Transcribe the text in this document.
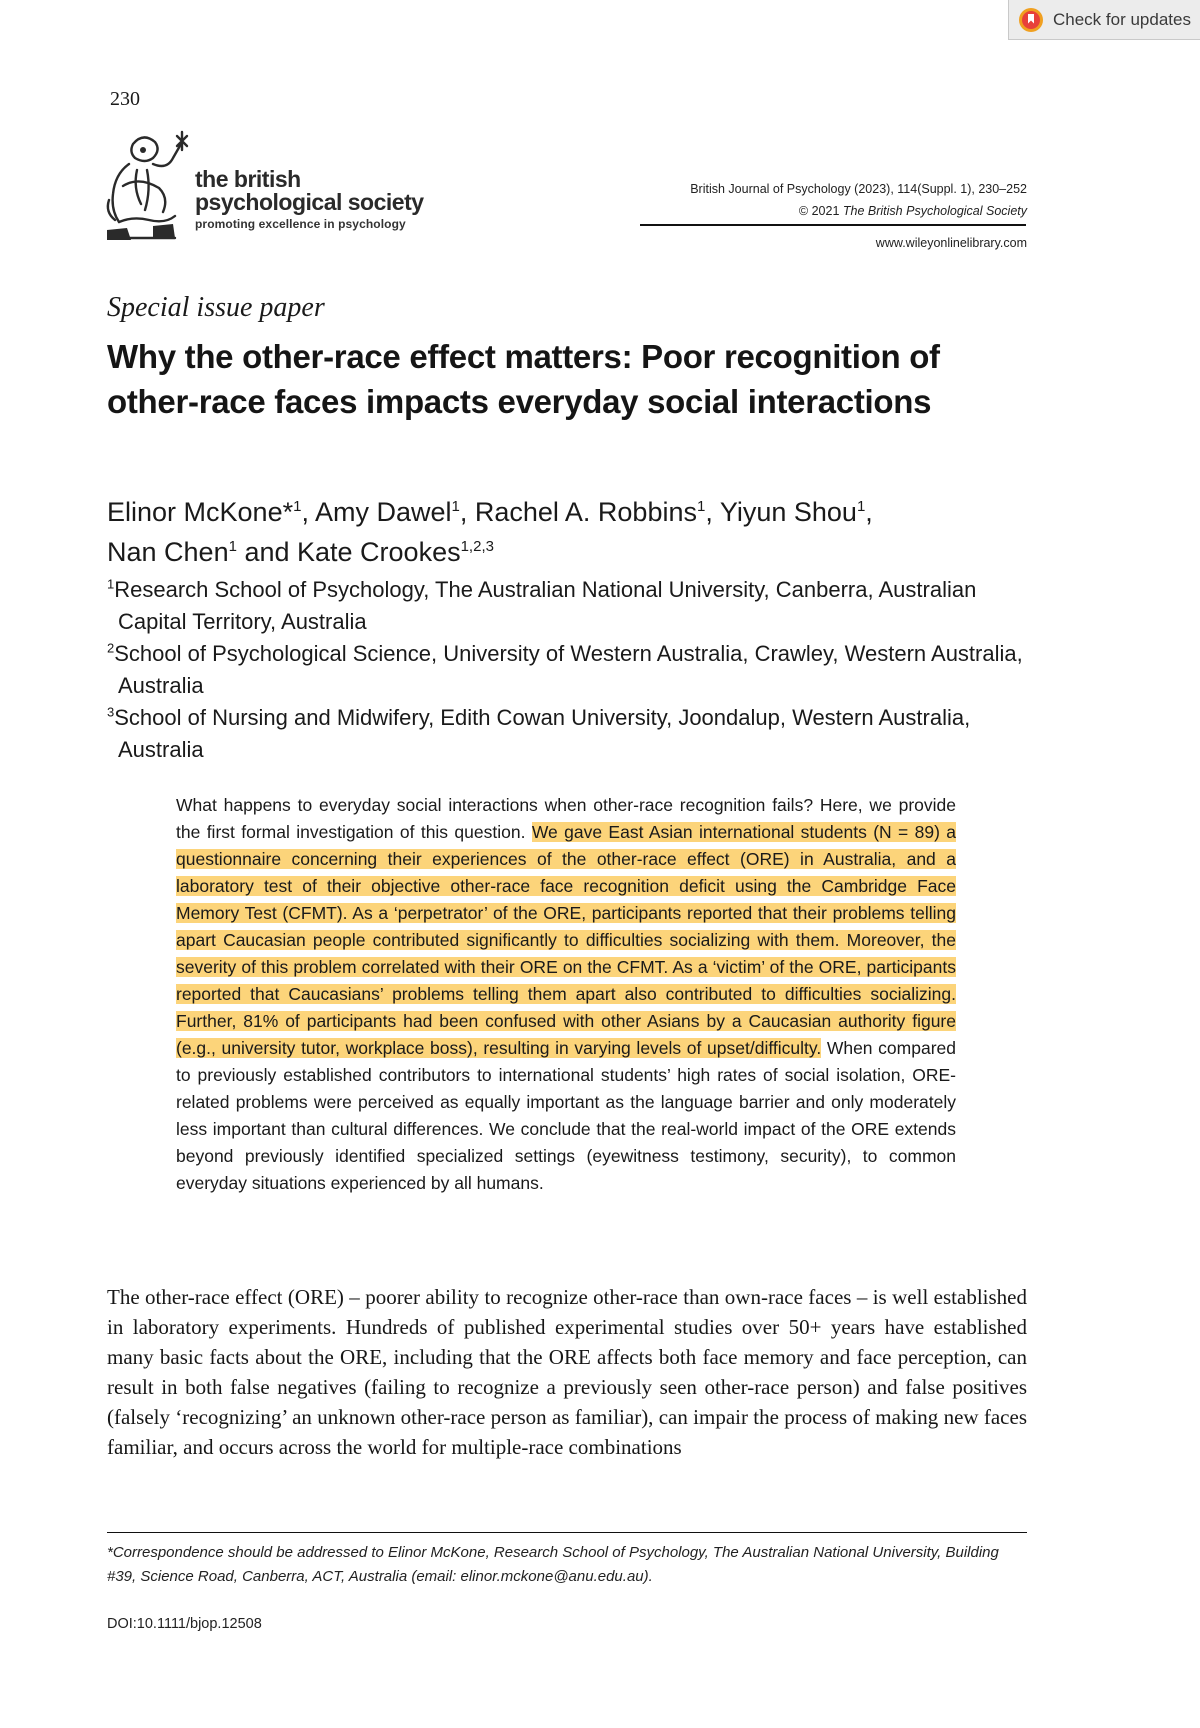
Check for updates
230
the british
psychological society
promoting excellence in psychology
British Journal of Psychology (2023), 114(Suppl. 1), 230–252
© 2021 The British Psychological Society
www.wileyonlinelibrary.com
Special issue paper
Why the other-race effect matters: Poor recognition of other-race faces impacts everyday social interactions
Elinor McKone*$^1$, Amy Dawel$^1$, Rachel A. Robbins$^1$, Yiyun Shou$^1$,
Nan Chen$^1$ and Kate Crookes$^{1,2,3}$
$^1$Research School of Psychology, The Australian National University, Canberra, Australian Capital Territory, Australia
$^2$School of Psychological Science, University of Western Australia, Crawley, Western Australia, Australia
$^3$School of Nursing and Midwifery, Edith Cowan University, Joondalup, Western Australia, Australia
What happens to everyday social interactions when other-race recognition fails? Here, we provide the first formal investigation of this question. We gave East Asian international students (N = 89) a questionnaire concerning their experiences of the other-race effect (ORE) in Australia, and a laboratory test of their objective other-race face recognition deficit using the Cambridge Face Memory Test (CFMT). As a ‘perpetrator’ of the ORE, participants reported that their problems telling apart Caucasian people contributed significantly to difficulties socializing with them. Moreover, the severity of this problem correlated with their ORE on the CFMT. As a ‘victim’ of the ORE, participants reported that Caucasians’ problems telling them apart also contributed to difficulties socializing. Further, 81% of participants had been confused with other Asians by a Caucasian authority figure (e.g., university tutor, workplace boss), resulting in varying levels of upset/difficulty. When compared to previously established contributors to international students’ high rates of social isolation, ORE-related problems were perceived as equally important as the language barrier and only moderately less important than cultural differences. We conclude that the real-world impact of the ORE extends beyond previously identified specialized settings (eyewitness testimony, security), to common everyday situations experienced by all humans.
The other-race effect (ORE) – poorer ability to recognize other-race than own-race faces – is well established in laboratory experiments. Hundreds of published experimental studies over 50+ years have established many basic facts about the ORE, including that the ORE affects both face memory and face perception, can result in both false negatives (failing to recognize a previously seen other-race person) and false positives (falsely ‘recognizing’ an unknown other-race person as familiar), can impair the process of making new faces familiar, and occurs across the world for multiple-race combinations
*Correspondence should be addressed to Elinor McKone, Research School of Psychology, The Australian National University, Building #39, Science Road, Canberra, ACT, Australia (email: elinor.mckone@anu.edu.au).
DOI:10.1111/bjop.12508
